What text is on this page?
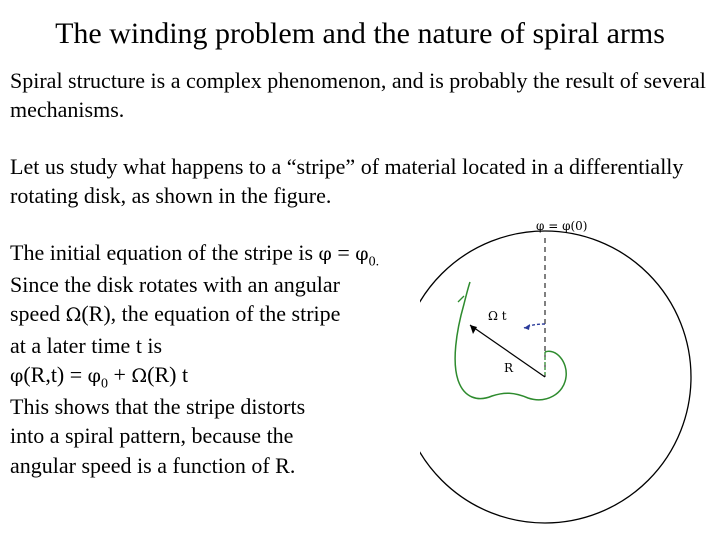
The winding problem and the nature of spiral arms
Spiral structure is a complex phenomenon, and is probably the result of several mechanisms.
Let us study what happens to a “stripe” of material located in a differentially rotating disk, as shown in the figure.
The initial equation of the stripe is $\varphi = \varphi_{0.}$
Since the disk rotates with an angular
speed Ω(R), the equation of the stripe
at a later time t is
$\varphi(R,t) = \varphi_0 + \Omega(R)$ t
This shows that the stripe distorts
into a spiral pattern, because the
angular speed is a function of R.
φ = φ(0)
Ω t
R
